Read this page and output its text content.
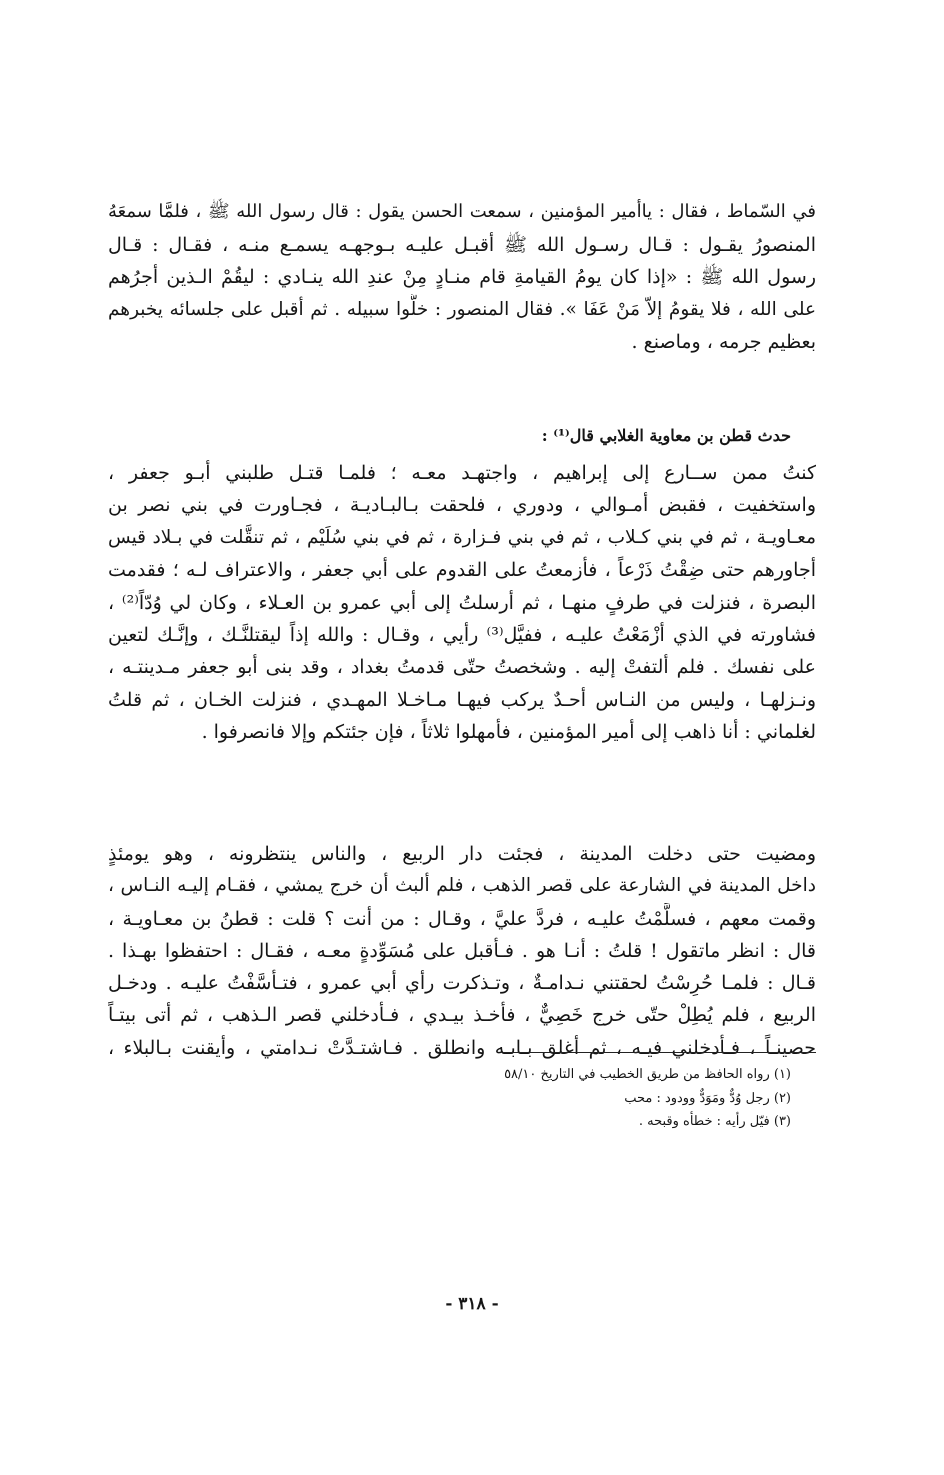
في السّماط ، فقال : ياأمير المؤمنين ، سمعت الحسن يقول : قال رسول الله ﷺ ، فلمَّا سمعَهُ
المنصورُ يقـول : قـال رسـول الله ﷺ أقبـل عليـه بـوجهـه يسمـع منـه ، فقـال : قـال
رسول الله ﷺ : «إذا كان يومُ القيامةِ قام منـادٍ مِنْ عندِ الله ينـادي : ليقُمْ الـذين أجرُهم
على الله ، فلا يقومُ إلاّ مَنْ عَفَا ». فقال المنصور : خلُّوا سبيله . ثم أقبل على جلسائه يخبرهم
بعظيم جرمه ، وماصنع .
حدث قطن بن معاوية الغلابي قال⁽¹⁾ :
كنتُ ممن ســارع إلى إبراهيم ، واجتهـد معـه ؛ فلمـا قتـل طلبني أبـو جعفر ،
واستخفيت ، فقبض أمـوالي ، ودوري ، فلحقت بـالبـاديـة ، فجـاورت في بني نصر بن
معـاويـة ، ثم في بني كـلاب ، ثم في بني فـزارة ، ثم في بني سُلَيْم ، ثم تنقَّلت في بـلاد قيس
أجاورهم حتى ضِقْتُ ذَرْعاً ، فأزمعتُ على القدوم على أبي جعفر ، والاعتراف لـه ؛ فقدمت
البصرة ، فنزلت في طرفٍ منهـا ، ثم أرسلتُ إلى أبي عمرو بن العـلاء ، وكان لي وُدّاً⁽²⁾ ،
فشاورته في الذي أزْمَعْتُ عليـه ، ففيَّل⁽³⁾ رأيي ، وقـال : والله إذاً ليقتلنَّـك ، وإنَّـك لتعين
على نفسك . فلم ألتفتْ إليه . وشخصتُ حتّى قدمتُ بغداد ، وقد بنى أبو جعفر مـدينتـه ،
ونـزلهـا ، وليس من النـاس أحـدٌ يركب فيهـا مـاخـلا المهـدي ، فنزلت الخـان ، ثم قلتُ
لغلماني : أنا ذاهب إلى أمير المؤمنين ، فأمهلوا ثلاثاً ، فإن جئتكم وإلا فانصرفوا .
ومضيت حتى دخلت المدينة ، فجئت دار الربيع ، والناس ينتظرونه ، وهو يومئذٍ
داخل المدينة في الشارعة على قصر الذهب ، فلم ألبث أن خرج يمشي ، فقـام إليـه النـاس ،
وقمت معهم ، فسلَّمْتُ عليـه ، فردَّ عليَّ ، وقـال : من أنت ؟ قلت : قطنُ بن معـاويـة ،
قال : انظر ماتقول ! قلتُ : أنـا هو . فـأقبل على مُسَوِّدةٍ معـه ، فقـال : احتفظوا بهـذا .
قـال : فلمـا حُرِسْتُ لحقتني نـدامـةٌ ، وتـذكرت رأي أبي عمرو ، فتـأسَّفْتُ عليـه . ودخـل
الربيع ، فلم يُطِلْ حتّى خرج خَصِيٌّ ، فأخـذ بيـدي ، فـأدخلني قصر الـذهب ، ثم أتى بيتـاً
حصينـاً ، فـأدخلني فيـه ، ثم أغلق بـابـه وانطلق . فـاشتـدَّتْ نـدامتي ، وأيقنت بـالبلاء ،
(١) رواه الحافظ من طريق الخطيب في التاريخ ٥٨/١٠
(٢) رجل وُدٌّ ومَوَدٌّ وودود : محب
(٣) فيّل رأيه : خطأه وقبحه .
- ٣١٨ -
